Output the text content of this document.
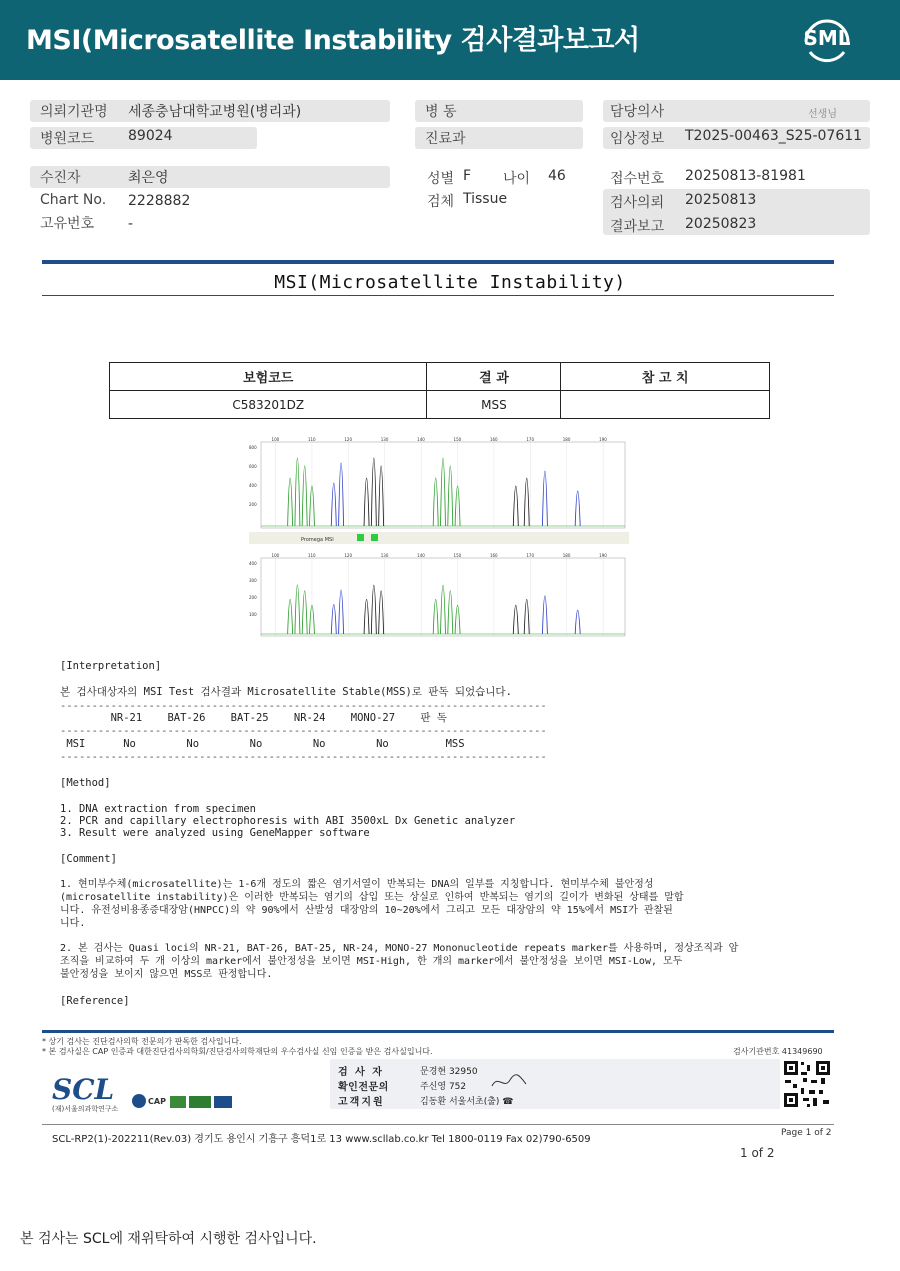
MSI(Microsatellite Instability 검사결과보고서	SML
의뢰기관명 세종충남대학교병원(병리과)	병 동	담당의사	선생님
병원코드 89024	진료과	임상정보 T2025-00463_S25-07611
수진자	최은영	성별 F 나이 46	접수번호 20250813-81981
Chart No. 2228882	검체 Tissue	검사의뢰 20250813
고유번호 -	결과보고 20250823
MSI(Microsatellite Instability)
보험코드	결 과	참 고 치
C583201DZ	MSS	
Promega MSI
100	110	120	130	140	150	160	170	180	190
800
600
400
200
100	110	120	130	140	150	160	170	180	190
400
300
200
100
[Interpretation]
본 검사대상자의 MSI Test 검사결과 Microsatellite Stable(MSS)로 판독 되었습니다.
-----------------------------------------------------------------------------
NR-21    BAT-26    BAT-25    NR-24    MONO-27    판 독
-----------------------------------------------------------------------------
MSI      No        No        No        No        No         MSS
-----------------------------------------------------------------------------
[Method]
1. DNA extraction from specimen
2. PCR and capillary electrophoresis with ABI 3500xL Dx Genetic analyzer
3. Result were analyzed using GeneMapper software
[Comment]
1. 현미부수체(microsatellite)는 1-6개 정도의 짧은 염기서열이 반복되는 DNA의 일부를 지칭합니다. 현미부수체 불안정성
(microsatellite instability)은 이러한 반복되는 염기의 삽입 또는 상실로 인하여 반복되는 염기의 길이가 변화된 상태를 말합
니다. 유전성비용종증대장암(HNPCC)의 약 90%에서 산발성 대장암의 10~20%에서 그리고 모든 대장암의 약 15%에서 MSI가 관찰된
니다.
2. 본 검사는 Quasi loci의 NR-21, BAT-26, BAT-25, NR-24, MONO-27 Mononucleotide repeats marker를 사용하며, 정상조직과 암
조직을 비교하여 두 개 이상의 marker에서 불안정성을 보이면 MSI-High, 한 개의 marker에서 불안정성을 보이면 MSI-Low, 모두
불안정성을 보이지 않으면 MSS로 판정합니다.
[Reference]
* 상기 검사는 진단검사의학 전문의가 판독한 검사입니다.
* 본 검사실은 CAP 인증과 대한진단검사의학회/진단검사의학재단의 우수검사실 신임 인증을 받은 검사실입니다.	검사기관번호 41349690
검 사 자	문경현 32950
확인전문의	주신영 752
고객지원	김동환 서울서초(출) ☎
SCL
(재)서울의과학연구소
CAP
SCL-RP2(1)-202211(Rev.03) 경기도 용인시 기흥구 흥덕1로 13 www.scllab.co.kr Tel 1800-0119 Fax 02)790-6509
Page 1 of 2
1 of 2
본 검사는 SCL에 재위탁하여 시행한 검사입니다.
